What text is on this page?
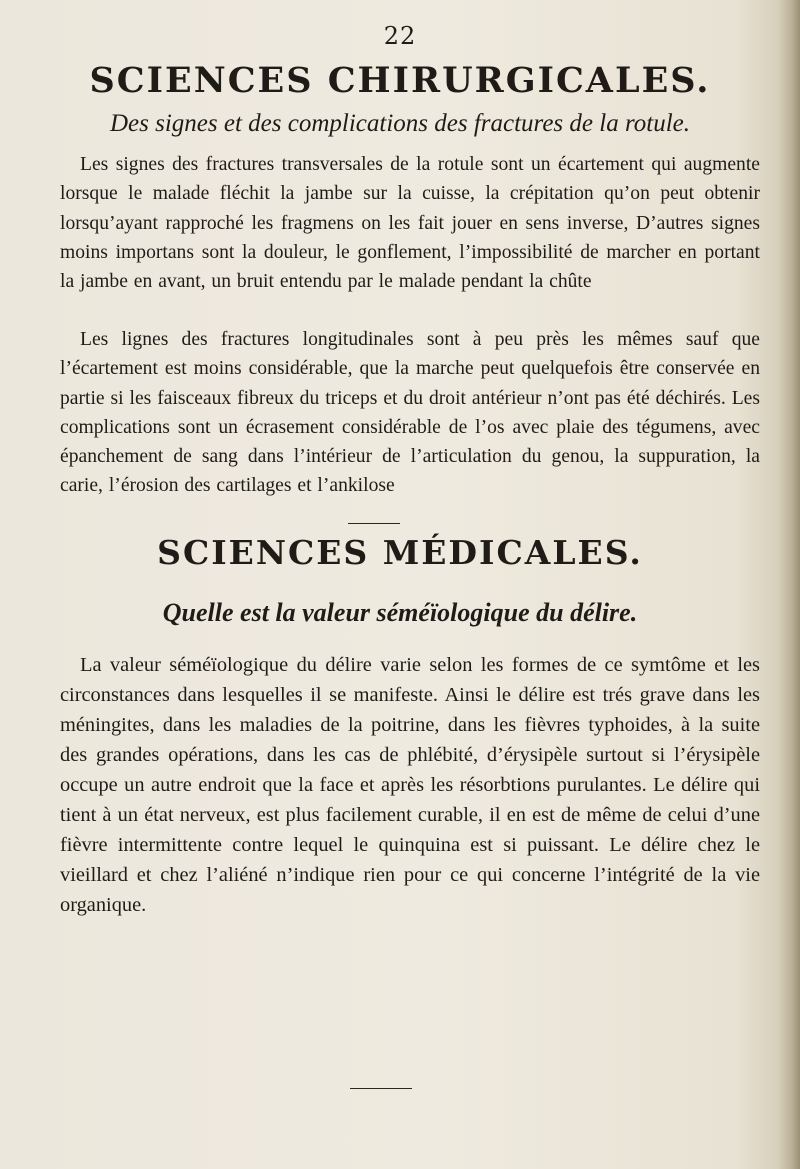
22
SCIENCES CHIRURGICALES.
Des signes et des complications des fractures de la rotule.

Les signes des fractures transversales de la rotule sont un écartement qui augmente lorsque le malade fléchit la jambe sur la cuisse, la crépitation qu’on peut obtenir lorsqu’ayant rapproché les fragmens on les fait jouer en sens inverse, D’autres signes moins importans sont la douleur, le gonflement, l’impossibilité de marcher en portant la jambe en avant, un bruit entendu par le malade pendant la chûte

Les lignes des fractures longitudinales sont à peu près les mêmes sauf que l’écartement est moins considérable, que la marche peut quelquefois être conservée en partie si les faisceaux fibreux du triceps et du droit antérieur n’ont pas été déchirés. Les complications sont un écrasement considérable de l’os avec plaie des tégumens, avec épanchement de sang dans l’intérieur de l’articulation du genou, la suppuration, la carie, l’érosion des cartilages et l’ankilose

SCIENCES MÉDICALES.
Quelle est la valeur séméïologique du délire.

La valeur séméïologique du délire varie selon les formes de ce symtôme et les circonstances dans lesquelles il se manifeste. Ainsi le délire est trés grave dans les méningites, dans les maladies de la poitrine, dans les fièvres typhoides, à la suite des grandes opérations, dans les cas de phlébité, d’érysipèle surtout si l’érysipèle occupe un autre endroit que la face et après les résorbtions purulantes. Le délire qui tient à un état nerveux, est plus facilement curable, il en est de même de celui d’une fièvre intermittente contre lequel le quinquina est si puissant. Le délire chez le vieillard et chez l’aliéné n’indique rien pour ce qui concerne l’intégrité de la vie organique.
